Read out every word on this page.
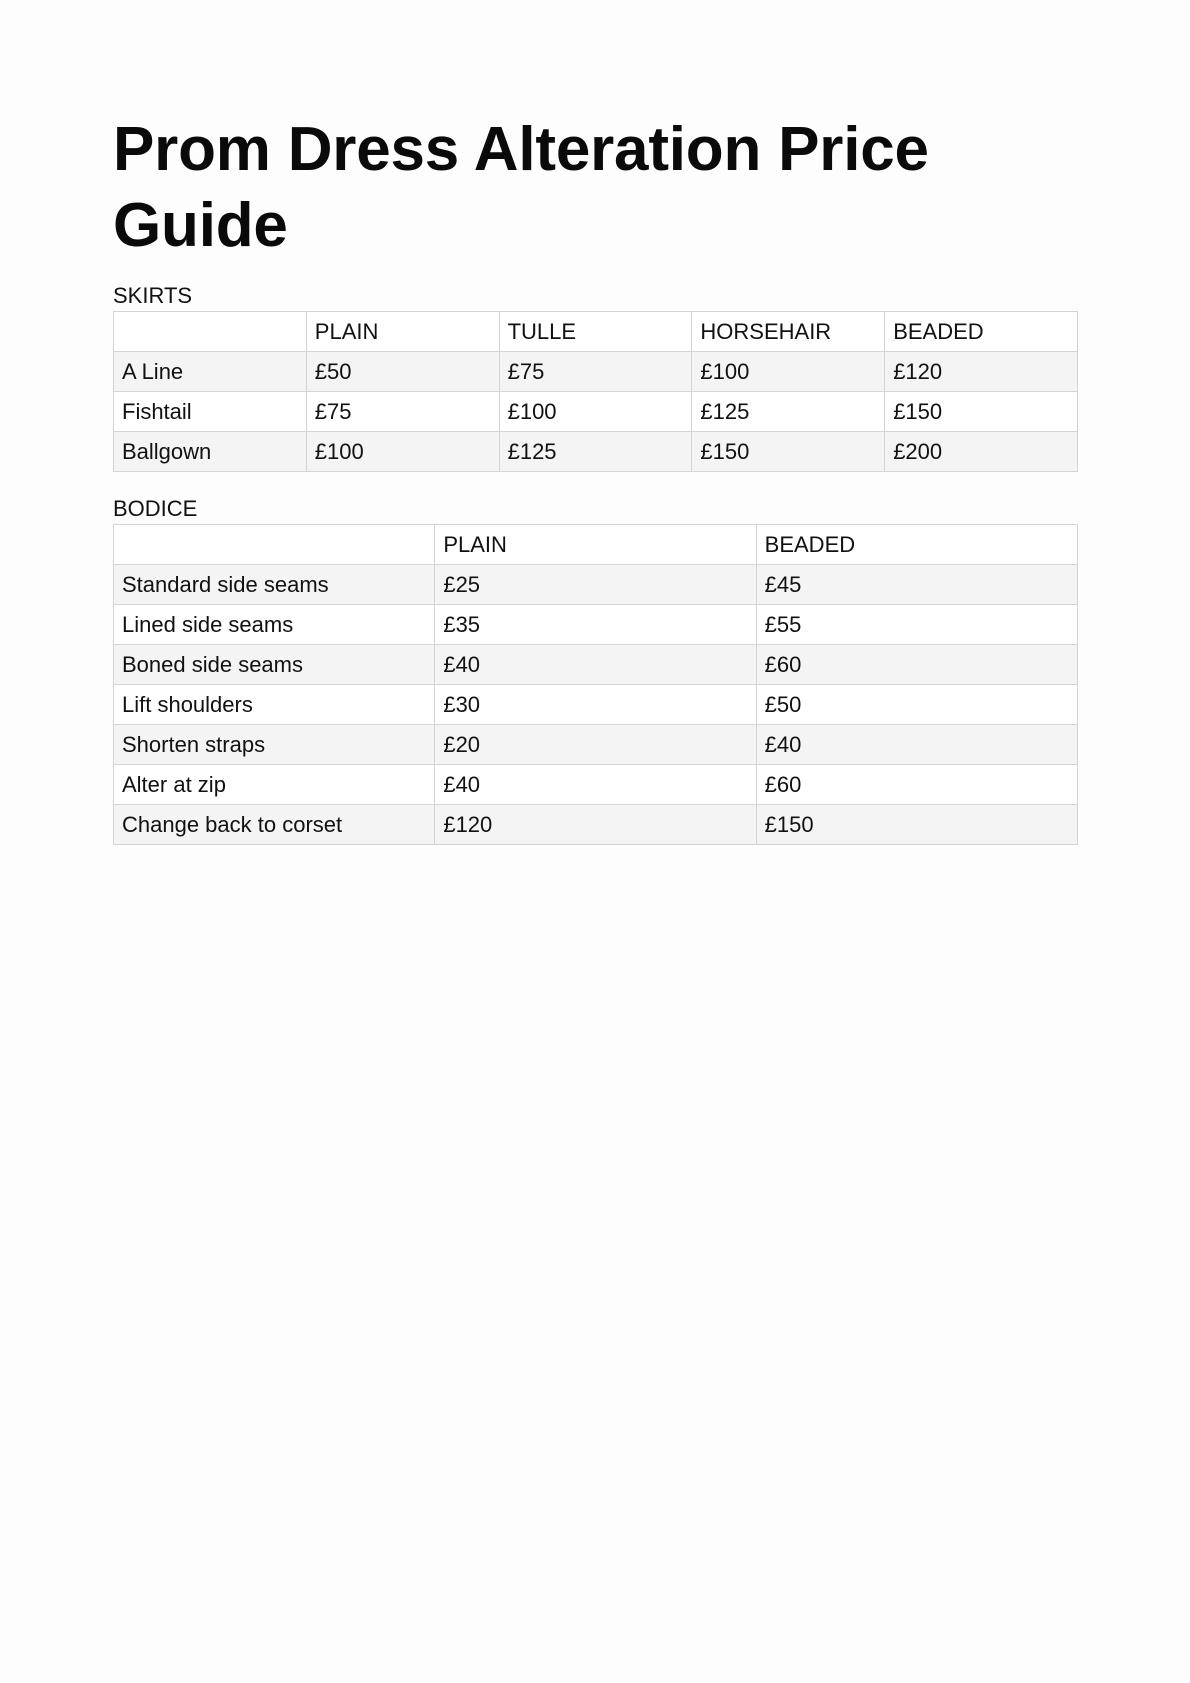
Prom Dress Alteration Price Guide
SKIRTS
	PLAIN	TULLE	HORSEHAIR	BEADED
A Line	£50	£75	£100	£120
Fishtail	£75	£100	£125	£150
Ballgown	£100	£125	£150	£200
BODICE
	PLAIN	BEADED
Standard side seams	£25	£45
Lined side seams	£35	£55
Boned side seams	£40	£60
Lift shoulders	£30	£50
Shorten straps	£20	£40
Alter at zip	£40	£60
Change back to corset	£120	£150
